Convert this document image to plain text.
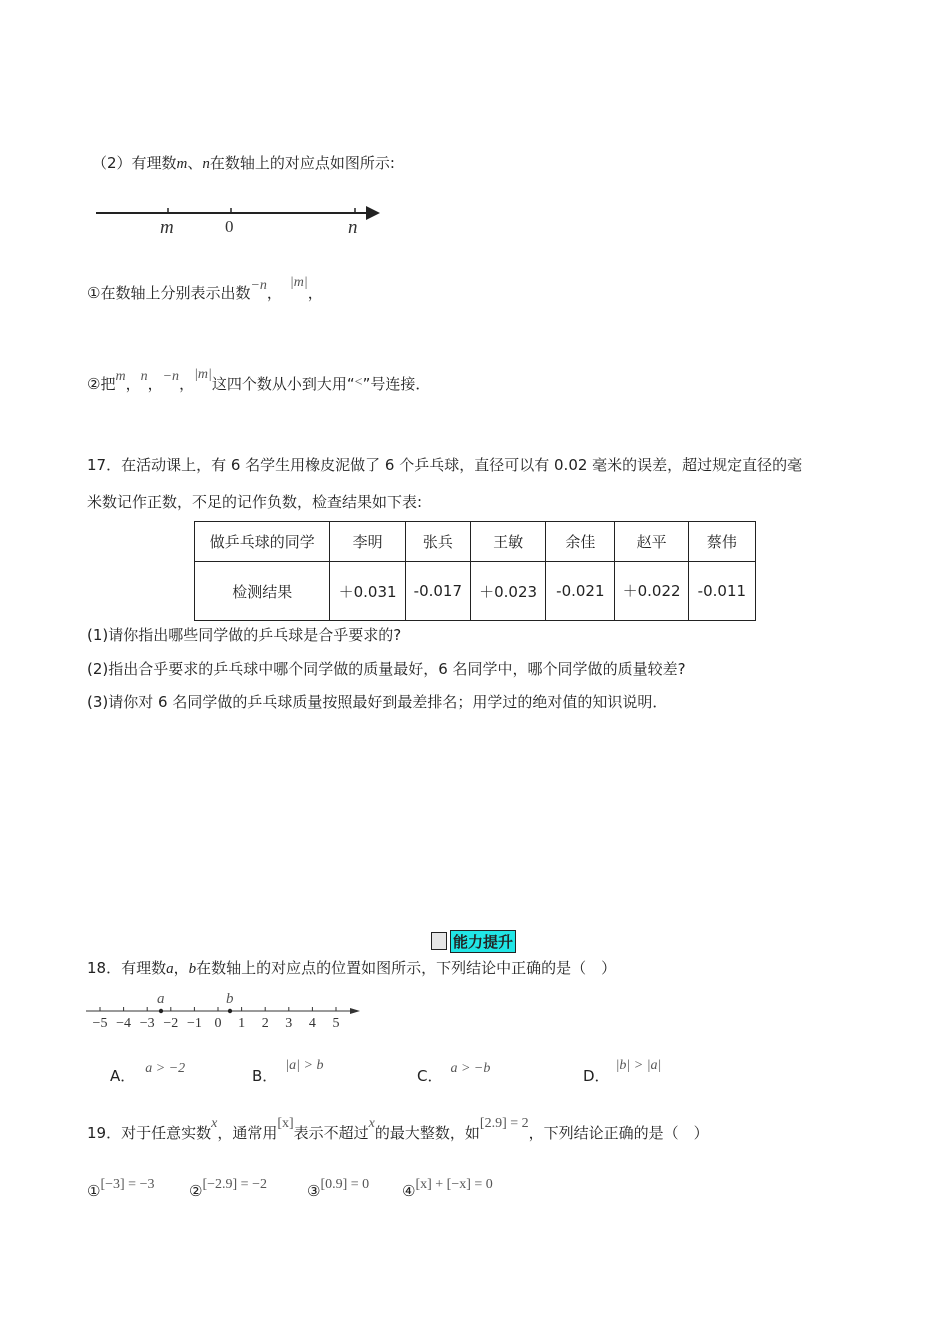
（2）有理数m、n在数轴上的对应点如图所示:
m	0	n
①在数轴上分别表示出数−n，|m|，
②把m，n，−n，|m|这四个数从小到大用“<”号连接．
17．在活动课上，有 6 名学生用橡皮泥做了 6 个乒乓球，直径可以有 0.02 毫米的误差，超过规定直径的毫
米数记作正数，不足的记作负数，检查结果如下表:
做乒乓球的同学	李明	张兵	王敏	余佳	赵平	蔡伟
检测结果	＋0.031	-0.017	＋0.023	-0.021	＋0.022	-0.011
(1)请你指出哪些同学做的乒乓球是合乎要求的?
(2)指出合乎要求的乒乓球中哪个同学做的质量最好，6 名同学中，哪个同学做的质量较差?
(3)请你对 6 名同学做的乒乓球质量按照最好到最差排名；用学过的绝对值的知识说明．
能力提升
18．有理数a，b在数轴上的对应点的位置如图所示，下列结论中正确的是（　）
−5 −4 −3 −2 −1 0 1 2 3 4 5
a	b
A． a > −2	B．|a| > b
C． a > −b	D．|b| > |a|
19．对于任意实数x，通常用[x]表示不超过x的最大整数，如[2.9] = 2，下列结论正确的是（　）
①[−3] = −3 ②[−2.9] = −2	③[0.9] = 0 ④[x] + [−x] = 0
